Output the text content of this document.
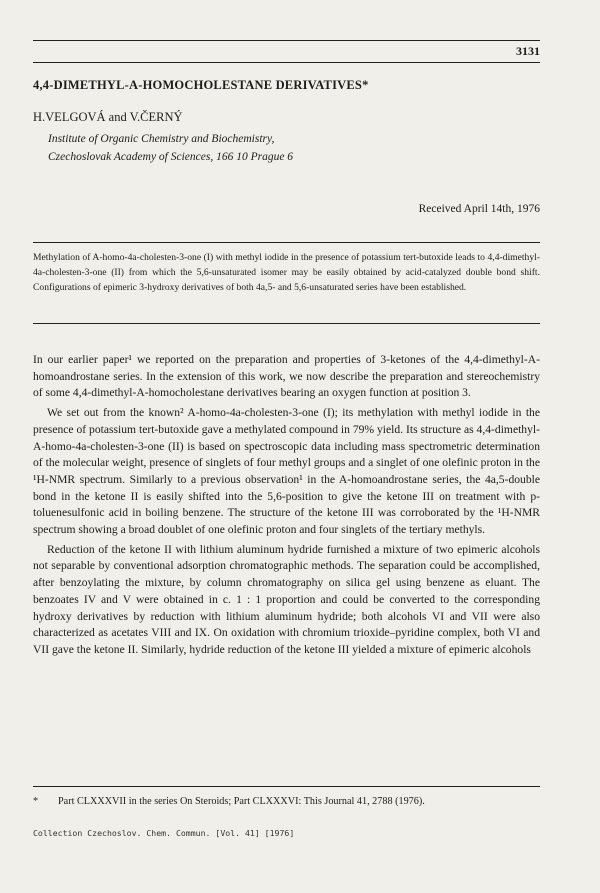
3131
4,4-DIMETHYL-A-HOMOCHOLESTANE DERIVATIVES*
H.VELGOVÁ and V.ČERNÝ
Institute of Organic Chemistry and Biochemistry,
Czechoslovak Academy of Sciences, 166 10 Prague 6
Received April 14th, 1976
Methylation of A-homo-4a-cholesten-3-one (I) with methyl iodide in the presence of potassium tert-butoxide leads to 4,4-dimethyl-4a-cholesten-3-one (II) from which the 5,6-unsaturated isomer may be easily obtained by acid-catalyzed double bond shift. Configurations of epimeric 3-hydroxy derivatives of both 4a,5- and 5,6-unsaturated series have been established.

In our earlier paper¹ we reported on the preparation and properties of 3-ketones of the 4,4-dimethyl-A-homoandrostane series. In the extension of this work, we now describe the preparation and stereochemistry of some 4,4-dimethyl-A-homocholestane derivatives bearing an oxygen function at position 3.

We set out from the known² A-homo-4a-cholesten-3-one (I); its methylation with methyl iodide in the presence of potassium tert-butoxide gave a methylated compound in 79% yield. Its structure as 4,4-dimethyl-A-homo-4a-cholesten-3-one (II) is based on spectroscopic data including mass spectrometric determination of the molecular weight, presence of singlets of four methyl groups and a singlet of one olefinic proton in the ¹H-NMR spectrum. Similarly to a previous observation¹ in the A-homoandrostane series, the 4a,5-double bond in the ketone II is easily shifted into the 5,6-position to give the ketone III on treatment with p-toluenesulfonic acid in boiling benzene. The structure of the ketone III was corroborated by the ¹H-NMR spectrum showing a broad doublet of one olefinic proton and four singlets of the tertiary methyls.

Reduction of the ketone II with lithium aluminum hydride furnished a mixture of two epimeric alcohols not separable by conventional adsorption chromatographic methods. The separation could be accomplished, after benzoylating the mixture, by column chromatography on silica gel using benzene as eluant. The benzoates IV and V were obtained in c. 1 : 1 proportion and could be converted to the corresponding hydroxy derivatives by reduction with lithium aluminum hydride; both alcohols VI and VII were also characterized as acetates VIII and IX. On oxidation with chromium trioxide–pyridine complex, both VI and VII gave the ketone II. Similarly, hydride reduction of the ketone III yielded a mixture of epimeric alcohols

* Part CLXXXVII in the series On Steroids; Part CLXXXVI: This Journal 41, 2788 (1976).
Collection Czechoslov. Chem. Commun. [Vol. 41] [1976]
